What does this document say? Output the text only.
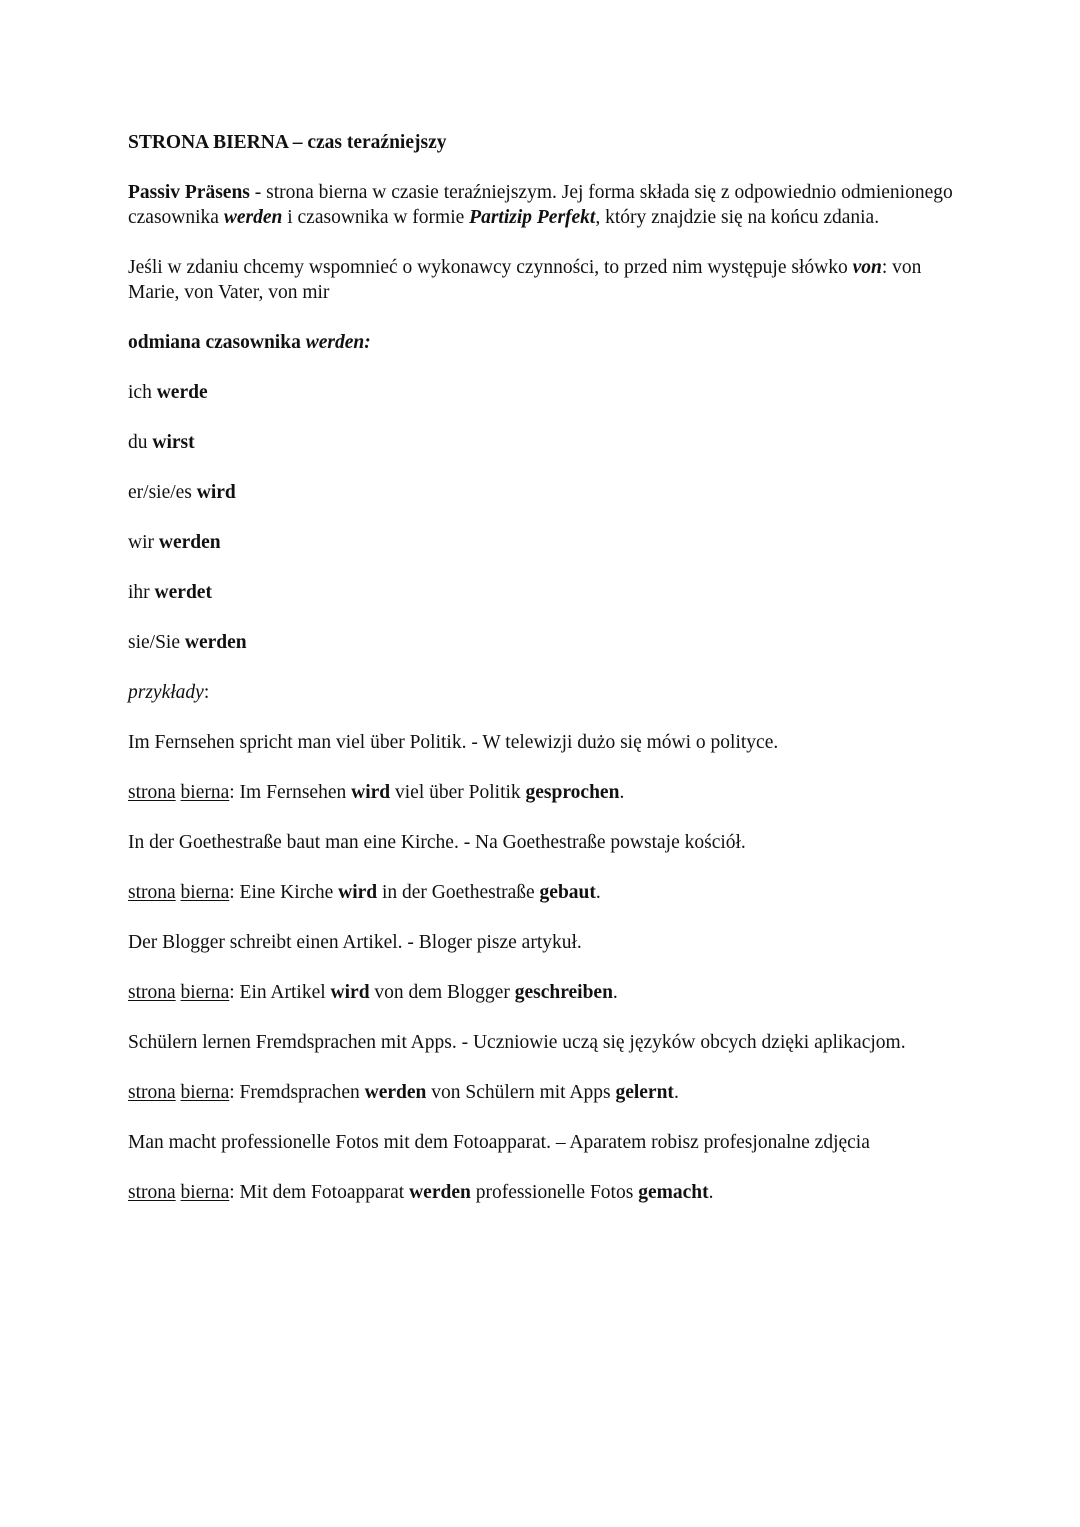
STRONA BIERNA – czas teraźniejszy

Passiv Präsens - strona bierna w czasie teraźniejszym. Jej forma składa się z odpowiednio odmienionego czasownika werden i czasownika w formie Partizip Perfekt, który znajdzie się na końcu zdania.

Jeśli w zdaniu chcemy wspomnieć o wykonawcy czynności, to przed nim występuje słówko von: von Marie, von Vater, von mir

odmiana czasownika werden:

ich werde

du wirst

er/sie/es wird

wir werden

ihr werdet

sie/Sie werden

przykłady:

Im Fernsehen spricht man viel über Politik. - W telewizji dużo się mówi o polityce.

strona bierna: Im Fernsehen wird viel über Politik gesprochen.

In der Goethestraße baut man eine Kirche. - Na Goethestraße powstaje kościół.

strona bierna: Eine Kirche wird in der Goethestraße gebaut.

Der Blogger schreibt einen Artikel. - Bloger pisze artykuł.

strona bierna: Ein Artikel wird von dem Blogger geschreiben.

Schülern lernen Fremdsprachen mit Apps. - Uczniowie uczą się języków obcych dzięki aplikacjom.

strona bierna: Fremdsprachen werden von Schülern mit Apps gelernt.

Man macht professionelle Fotos mit dem Fotoapparat. – Aparatem robisz profesjonalne zdjęcia

strona bierna: Mit dem Fotoapparat werden professionelle Fotos gemacht.
